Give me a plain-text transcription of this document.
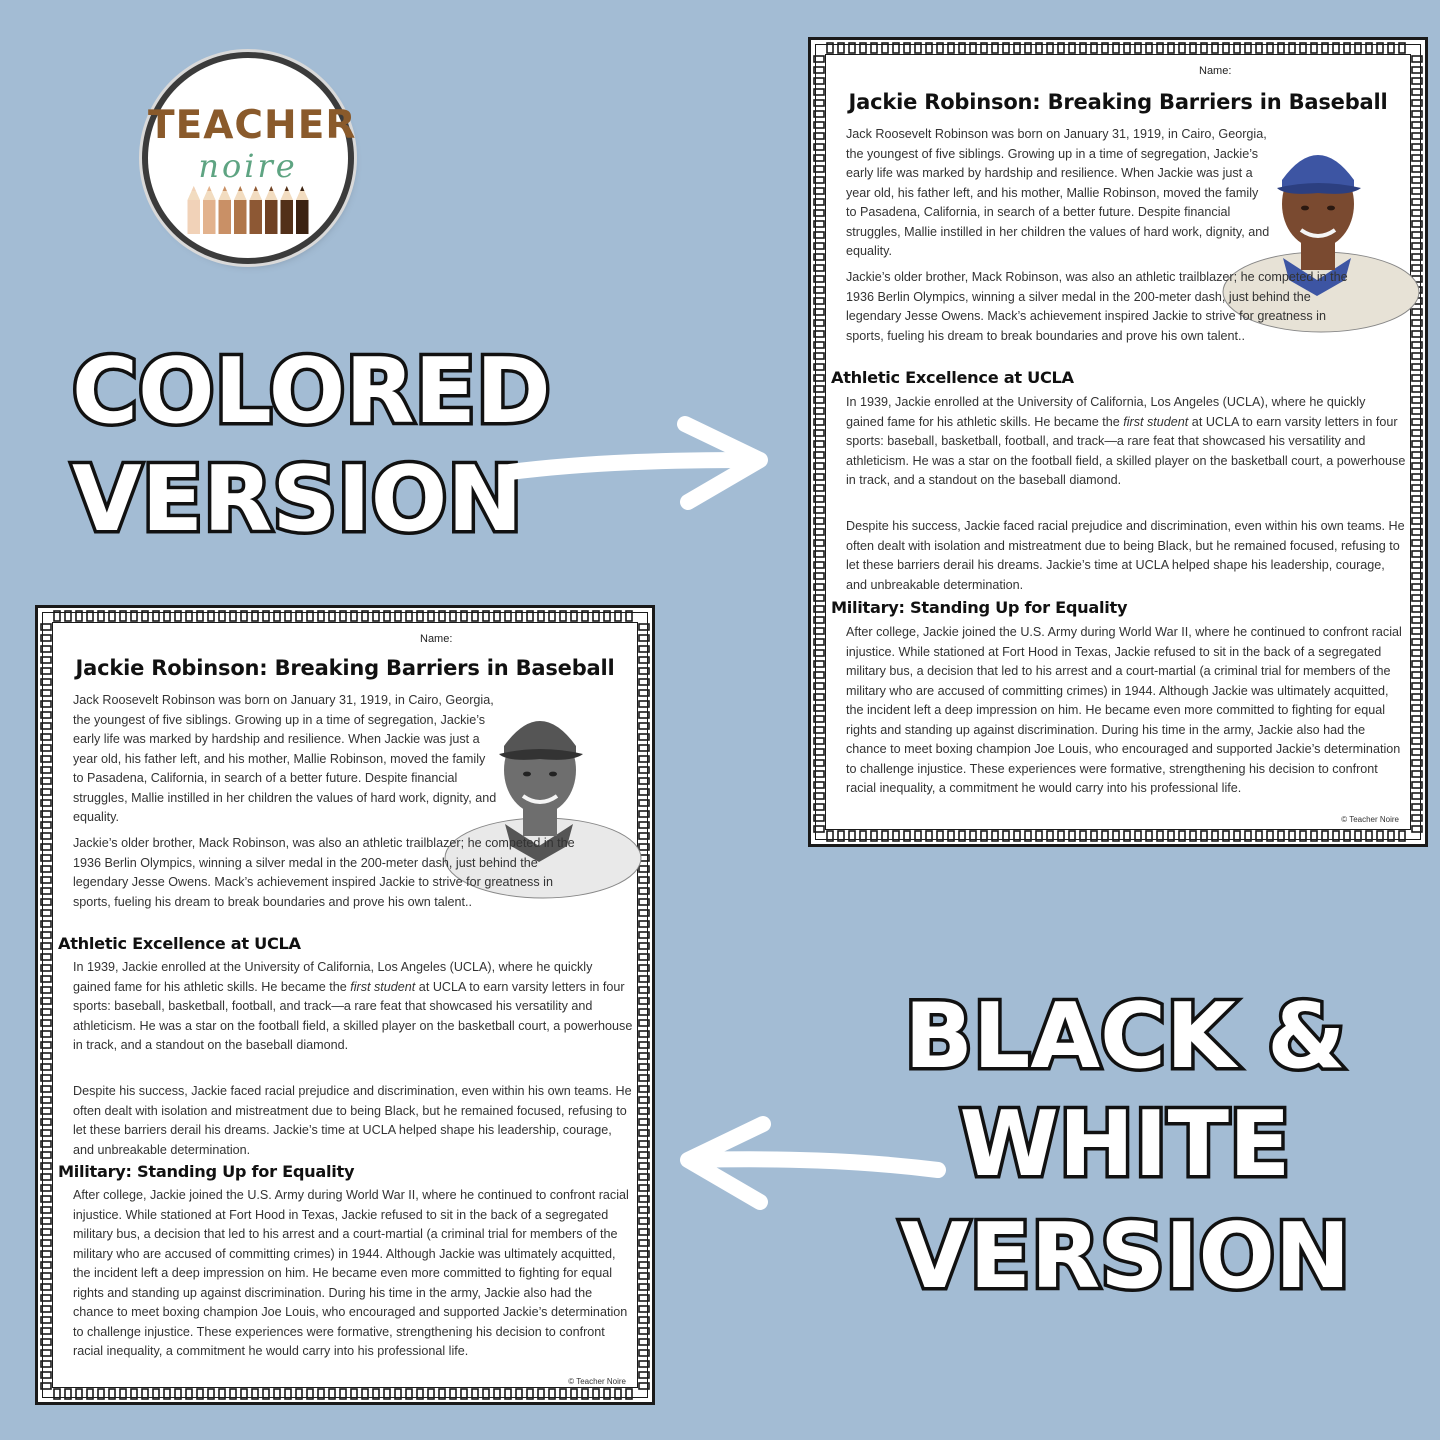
TEACHER
noire
COLORED
VERSION
BLACK &
WHITE
VERSION
Name:
Jackie Robinson: Breaking Barriers in Baseball

Jack Roosevelt Robinson was born on January 31, 1919, in Cairo, Georgia, the youngest of five siblings. Growing up in a time of segregation, Jackie’s early life was marked by hardship and resilience. When Jackie was just a year old, his father left, and his mother, Mallie Robinson, moved the family to Pasadena, California, in search of a better future. Despite financial struggles, Mallie instilled in her children the values of hard work, dignity, and equality.

Jackie’s older brother, Mack Robinson, was also an athletic trailblazer; he competed in the 1936 Berlin Olympics, winning a silver medal in the 200-meter dash, just behind the legendary Jesse Owens. Mack’s achievement inspired Jackie to strive for greatness in sports, fueling his dream to break boundaries and prove his own talent..

Athletic Excellence at UCLA

In 1939, Jackie enrolled at the University of California, Los Angeles (UCLA), where he quickly gained fame for his athletic skills. He became the first student at UCLA to earn varsity letters in four sports: baseball, basketball, football, and track—a rare feat that showcased his versatility and athleticism. He was a star on the football field, a skilled player on the basketball court, a powerhouse in track, and a standout on the baseball diamond.

Despite his success, Jackie faced racial prejudice and discrimination, even within his own teams. He often dealt with isolation and mistreatment due to being Black, but he remained focused, refusing to let these barriers derail his dreams. Jackie’s time at UCLA helped shape his leadership, courage, and unbreakable determination.

Military: Standing Up for Equality

After college, Jackie joined the U.S. Army during World War II, where he continued to confront racial injustice. While stationed at Fort Hood in Texas, Jackie refused to sit in the back of a segregated military bus, a decision that led to his arrest and a court-martial (a criminal trial for members of the military who are accused of committing crimes) in 1944. Although Jackie was ultimately acquitted, the incident left a deep impression on him. He became even more committed to fighting for equal rights and standing up against discrimination. During his time in the army, Jackie also had the chance to meet boxing champion Joe Louis, who encouraged and supported Jackie’s determination to challenge injustice. These experiences were formative, strengthening his decision to confront racial inequality, a commitment he would carry into his professional life.

© Teacher Noire
Name:
Jackie Robinson: Breaking Barriers in Baseball

Jack Roosevelt Robinson was born on January 31, 1919, in Cairo, Georgia, the youngest of five siblings. Growing up in a time of segregation, Jackie’s early life was marked by hardship and resilience. When Jackie was just a year old, his father left, and his mother, Mallie Robinson, moved the family to Pasadena, California, in search of a better future. Despite financial struggles, Mallie instilled in her children the values of hard work, dignity, and equality.

Jackie’s older brother, Mack Robinson, was also an athletic trailblazer; he competed in the 1936 Berlin Olympics, winning a silver medal in the 200-meter dash, just behind the legendary Jesse Owens. Mack’s achievement inspired Jackie to strive for greatness in sports, fueling his dream to break boundaries and prove his own talent..

Athletic Excellence at UCLA

In 1939, Jackie enrolled at the University of California, Los Angeles (UCLA), where he quickly gained fame for his athletic skills. He became the first student at UCLA to earn varsity letters in four sports: baseball, basketball, football, and track—a rare feat that showcased his versatility and athleticism. He was a star on the football field, a skilled player on the basketball court, a powerhouse in track, and a standout on the baseball diamond.

Despite his success, Jackie faced racial prejudice and discrimination, even within his own teams. He often dealt with isolation and mistreatment due to being Black, but he remained focused, refusing to let these barriers derail his dreams. Jackie’s time at UCLA helped shape his leadership, courage, and unbreakable determination.

Military: Standing Up for Equality

After college, Jackie joined the U.S. Army during World War II, where he continued to confront racial injustice. While stationed at Fort Hood in Texas, Jackie refused to sit in the back of a segregated military bus, a decision that led to his arrest and a court-martial (a criminal trial for members of the military who are accused of committing crimes) in 1944. Although Jackie was ultimately acquitted, the incident left a deep impression on him. He became even more committed to fighting for equal rights and standing up against discrimination. During his time in the army, Jackie also had the chance to meet boxing champion Joe Louis, who encouraged and supported Jackie’s determination to challenge injustice. These experiences were formative, strengthening his decision to confront racial inequality, a commitment he would carry into his professional life.

© Teacher Noire
